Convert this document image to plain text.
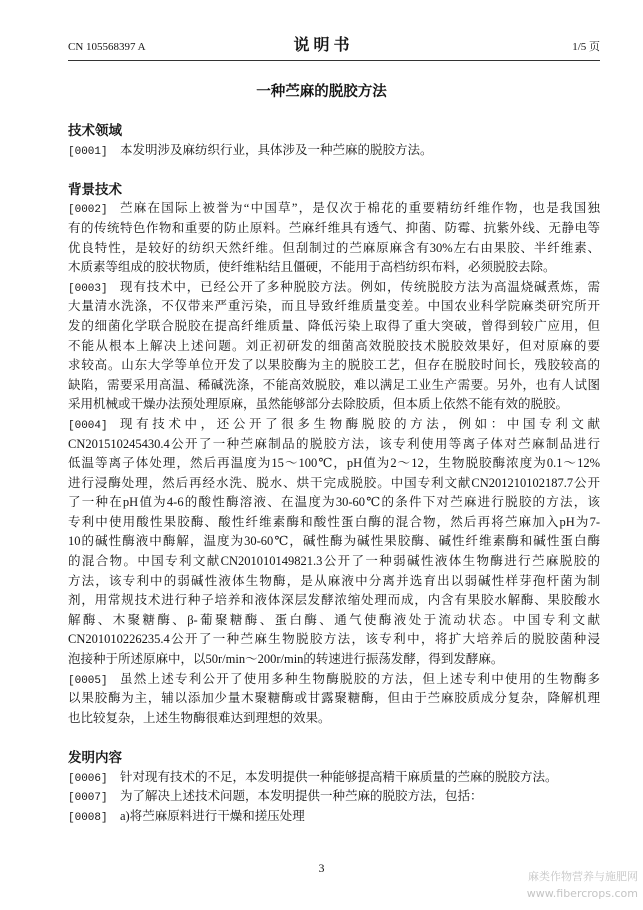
CN 105568397 A	说 明 书	1/5 页
一种苎麻的脱胶方法
技术领域
[0001] 本发明涉及麻纺织行业，具体涉及一种苎麻的脱胶方法。
背景技术
[0002] 苎麻在国际上被誉为“中国草”，是仅次于棉花的重要精纺纤维作物，也是我国独
有的传统特色作物和重要的防止原料。苎麻纤维具有透气、抑菌、防霉、抗紫外线、无静电等
优良特性，是较好的纺织天然纤维。但刮制过的苎麻原麻含有30%左右由果胶、半纤维素、
木质素等组成的胶状物质，使纤维粘结且僵硬，不能用于高档纺织布料，必须脱胶去除。
[0003] 现有技术中，已经公开了多种脱胶方法。例如，传统脱胶方法为高温烧碱煮炼，需
大量清水洗涤，不仅带来严重污染，而且导致纤维质量变差。中国农业科学院麻类研究所开
发的细菌化学联合脱胶在提高纤维质量、降低污染上取得了重大突破，曾得到较广应用，但
不能从根本上解决上述问题。刘正初研发的细菌高效脱胶技术脱胶效果好，但对原麻的要
求较高。山东大学等单位开发了以果胶酶为主的脱胶工艺，但存在脱胶时间长，残胶较高的
缺陷，需要采用高温、稀碱洗涤，不能高效脱胶，难以满足工业生产需要。另外，也有人试图
采用机械或干燥办法预处理原麻，虽然能够部分去除胶质，但本质上依然不能有效的脱胶。
[0004] 现有技术中，还公开了很多生物酶脱胶的方法，例如：中国专利文献
CN201510245430.4公开了一种苎麻制品的脱胶方法，该专利使用等离子体对苎麻制品进行
低温等离子体处理，然后再温度为15～100℃，pH值为2～12，生物脱胶酶浓度为0.1～12%
进行浸酶处理，然后再经水洗、脱水、烘干完成脱胶。中国专利文献CN201210102187.7公开
了一种在pH值为4-6的酸性酶溶液、在温度为30-60℃的条件下对苎麻进行脱胶的方法，该
专利中使用酸性果胶酶、酸性纤维素酶和酸性蛋白酶的混合物，然后再将苎麻加入pH为7-
10的碱性酶液中酶解，温度为30-60℃，碱性酶为碱性果胶酶、碱性纤维素酶和碱性蛋白酶
的混合物。中国专利文献CN201010149821.3公开了一种弱碱性液体生物酶进行苎麻脱胶的
方法，该专利中的弱碱性液体生物酶，是从麻液中分离并选育出以弱碱性样芽孢杆菌为制
剂，用常规技术进行种子培养和液体深层发酵浓缩处理而成，内含有果胶水解酶、果胶酸水
解酶、木聚糖酶、β-葡聚糖酶、蛋白酶、通气使酶液处于流动状态。中国专利文献
CN201010226235.4公开了一种苎麻生物脱胶方法，该专利中，将扩大培养后的脱胶菌种浸
泡接种于所述原麻中，以50r/min～200r/min的转速进行振荡发酵，得到发酵麻。
[0005] 虽然上述专利公开了使用多种生物酶脱胶的方法，但上述专利中使用的生物酶多
以果胶酶为主，辅以添加少量木聚糖酶或甘露聚糖酶，但由于苎麻胶质成分复杂，降解机理
也比较复杂，上述生物酶很难达到理想的效果。
发明内容
[0006] 针对现有技术的不足，本发明提供一种能够提高精干麻质量的苎麻的脱胶方法。
[0007] 为了解决上述技术问题，本发明提供一种苎麻的脱胶方法，包括：
[0008] a)将苎麻原料进行干燥和搓压处理
3
麻类作物营养与施肥网
www.fibercrops.com
